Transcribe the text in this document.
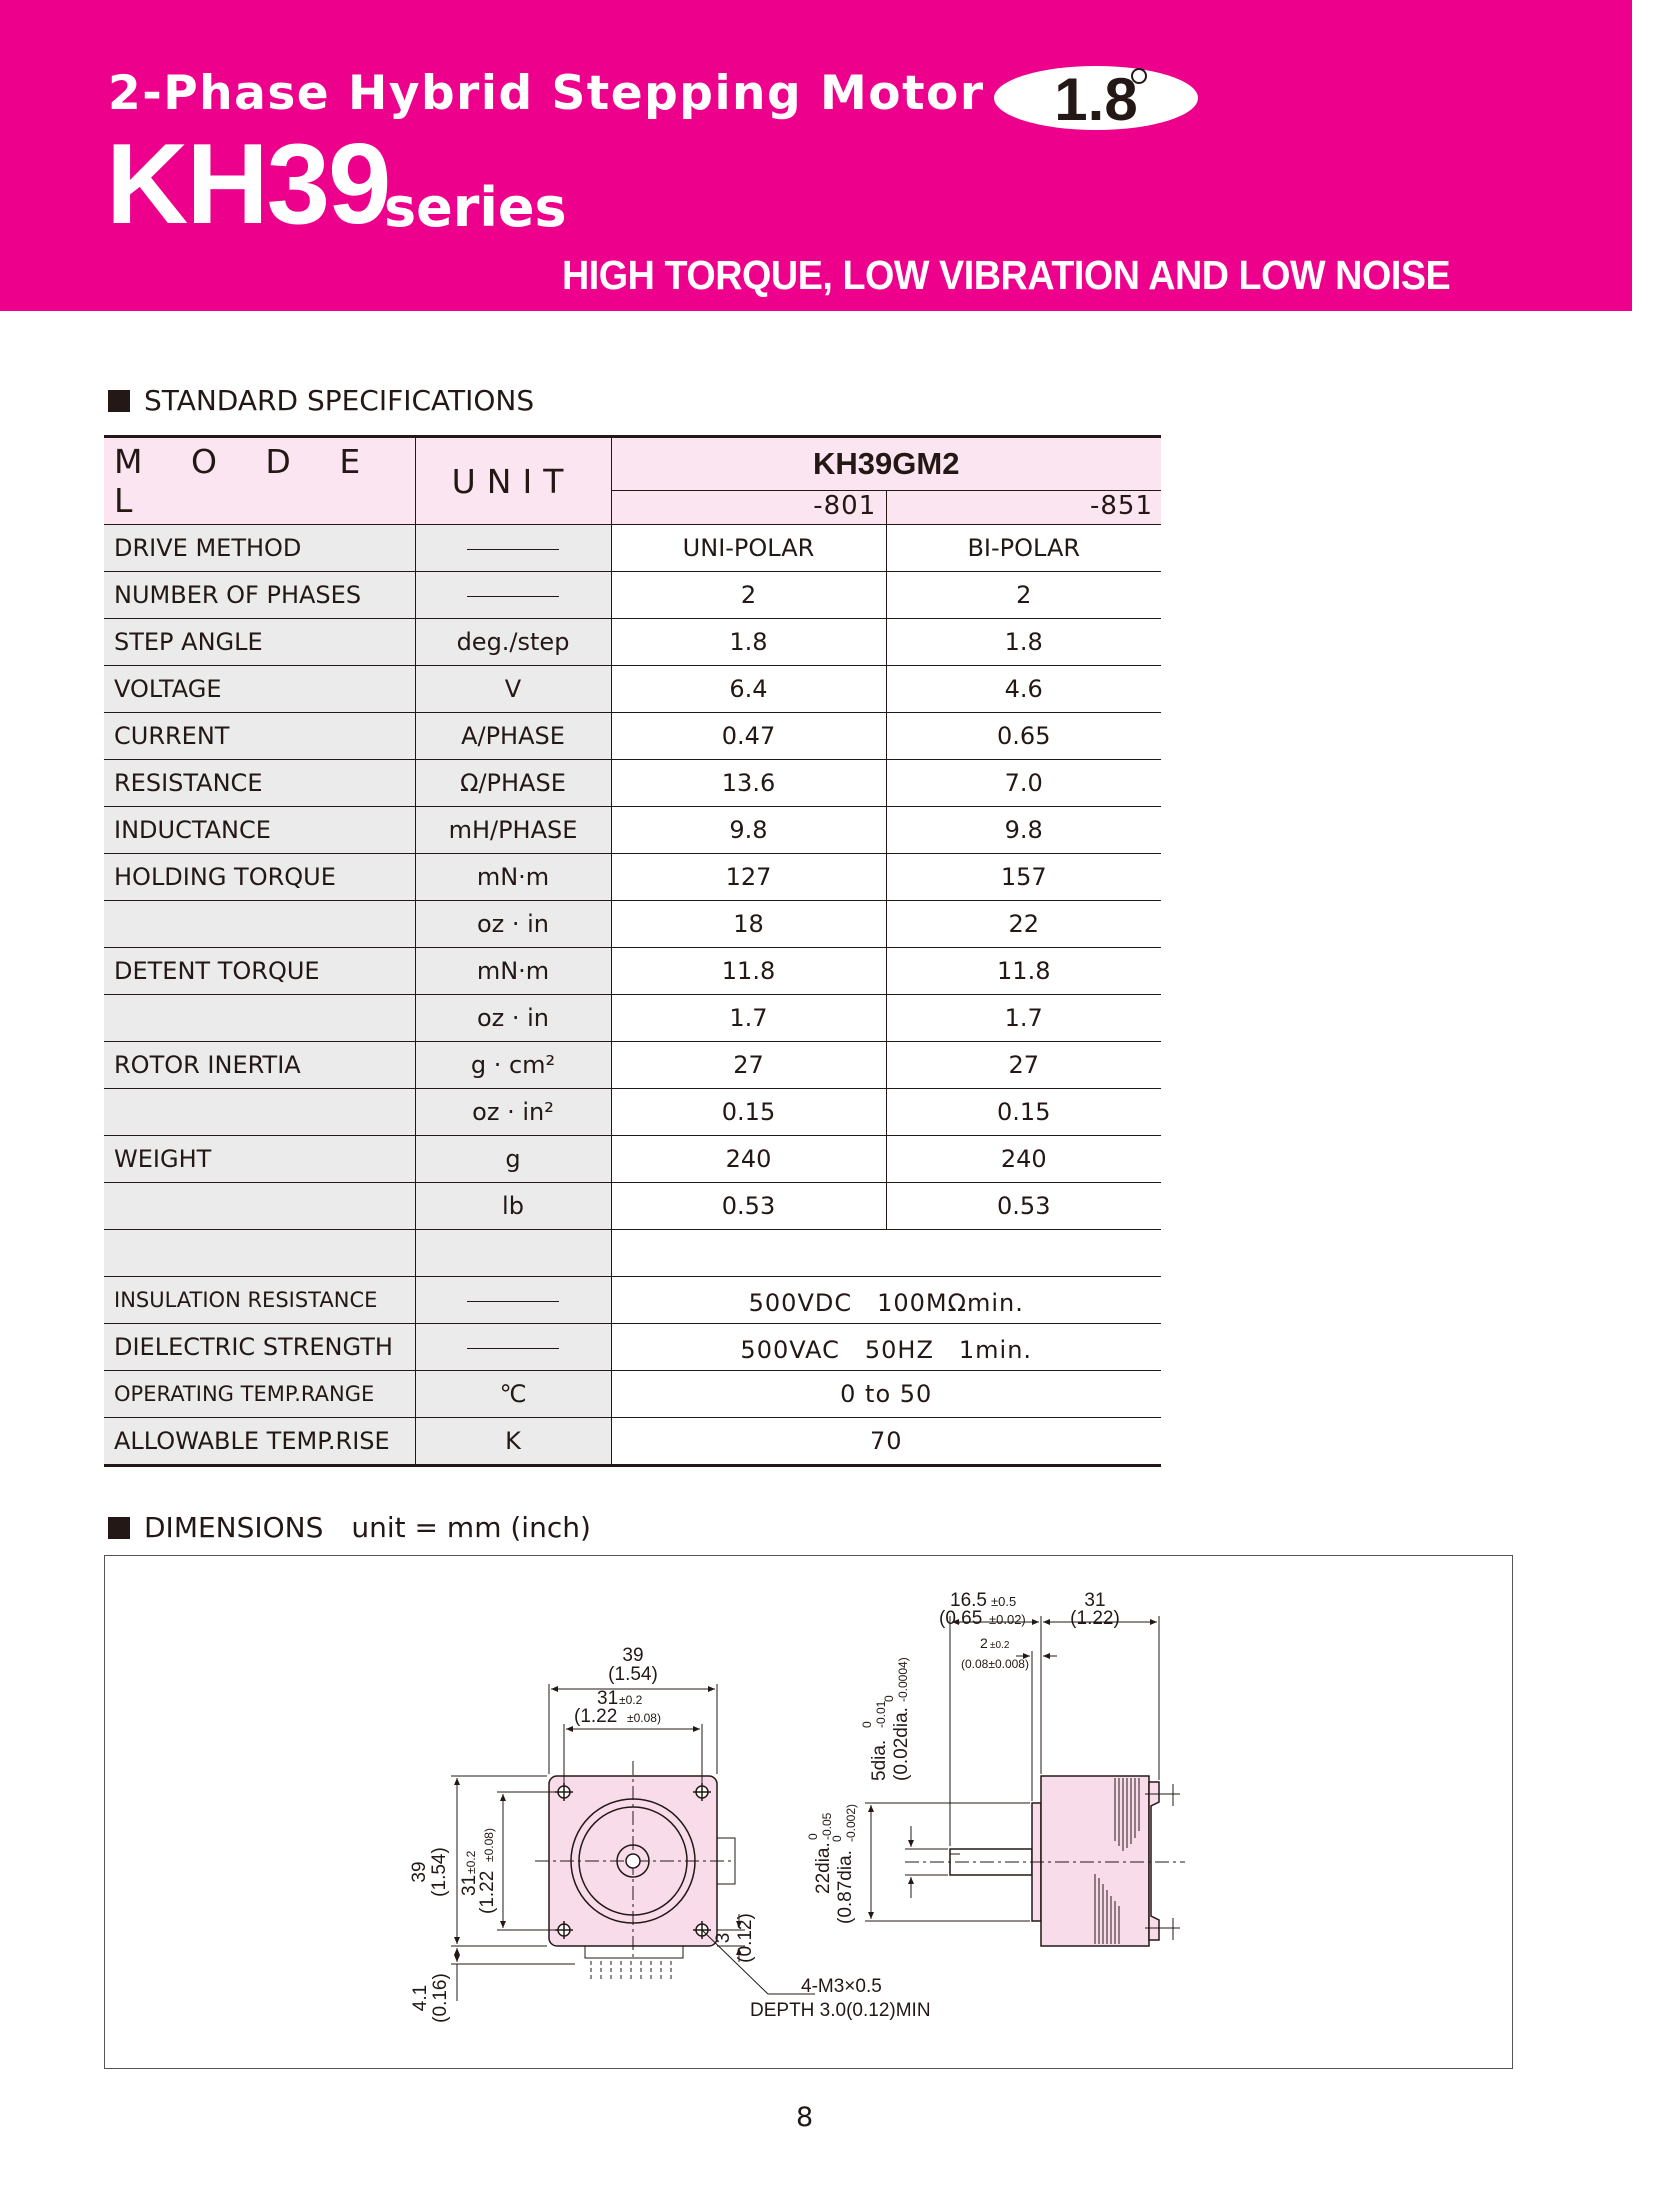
2-Phase Hybrid Stepping Motor	1.8
KH39
series
HIGH TORQUE, LOW VIBRATION AND LOW NOISE
STANDARD SPECIFICATIONS
M O D E L	UNIT	KH39GM2
-801 -851	

DRIVE METHOD		UNI-POLAR	BI-POLAR
NUMBER OF PHASES		2	2
STEP ANGLE	deg./step	1.8	1.8
VOLTAGE	V	6.4	4.6
CURRENT	A/PHASE	0.47	0.65
RESISTANCE	Ω/PHASE	13.6	7.0
INDUCTANCE	mH/PHASE	9.8	9.8
HOLDING TORQUE	mN·m	127	157
	oz · in	18	22
DETENT TORQUE	mN·m	11.8	11.8
	oz · in	1.7	1.7
ROTOR INERTIA	g · cm²	27	27
	oz · in²	0.15	0.15
WEIGHT	g	240	240
	lb	0.53	0.53

INSULATION RESISTANCE		500VDC　100MΩmin.	
DIELECTRIC STRENGTH		500VAC　50HZ　1min.	
OPERATING TEMP.RANGE	℃	0 to 50	
ALLOWABLE TEMP.RISE	K	70	
DIMENSIONS unit = mm (inch)
39
(1.54)
31 ±0.2
(1.22 ±0.08)
39 (1.54) 31
±0.2
(1.22
±0.08)
4.1 (0.16)
3 (0.12)
4-M3×0.5
DEPTH 3.0(0.12)MIN
16.5 ±0.5
(0.65 ±0.02)
31
(1.22)
2 ±0.2
(0.08±0.008)
5dia.
0 -0.01 (0.02dia.
0 -0.0004)
22dia.
0 -0.05
(0.87dia.
0 -0.002)
8
